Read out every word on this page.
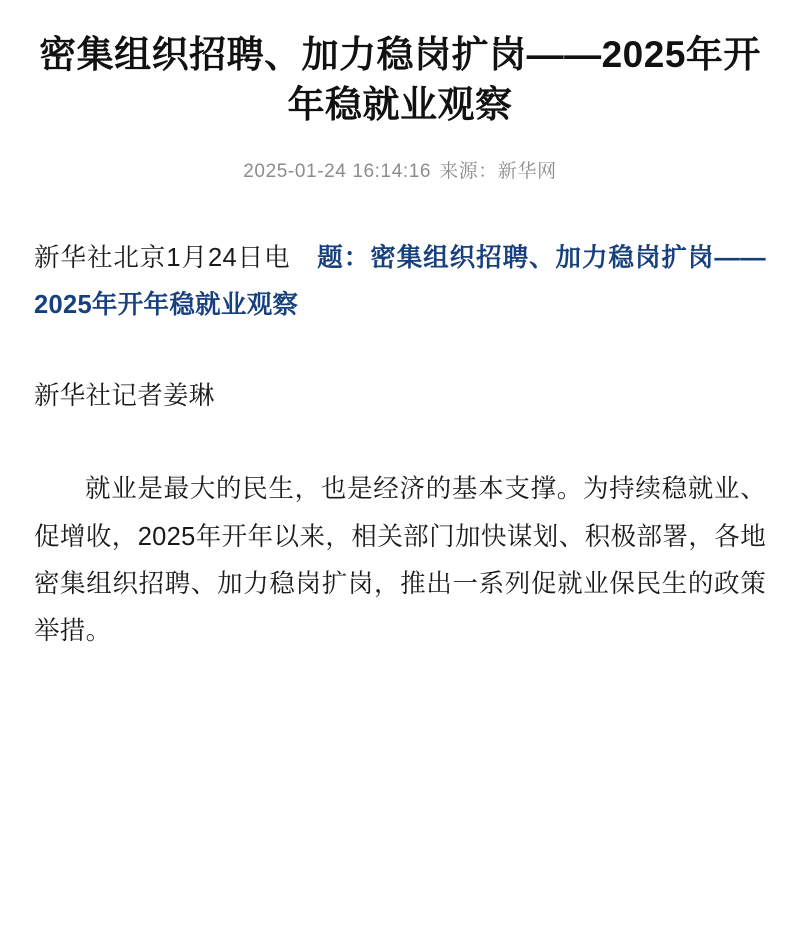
密集组织招聘、加力稳岗扩岗——2025年开年稳就业观察
2025-01-24 16:14:16 来源：新华网

新华社北京1月24日电 题：密集组织招聘、加力稳岗扩岗——2025年开年稳就业观察

新华社记者姜琳

就业是最大的民生，也是经济的基本支撑。为持续稳就业、促增收，2025年开年以来，相关部门加快谋划、积极部署，各地密集组织招聘、加力稳岗扩岗，推出一系列促就业保民生的政策举措。
